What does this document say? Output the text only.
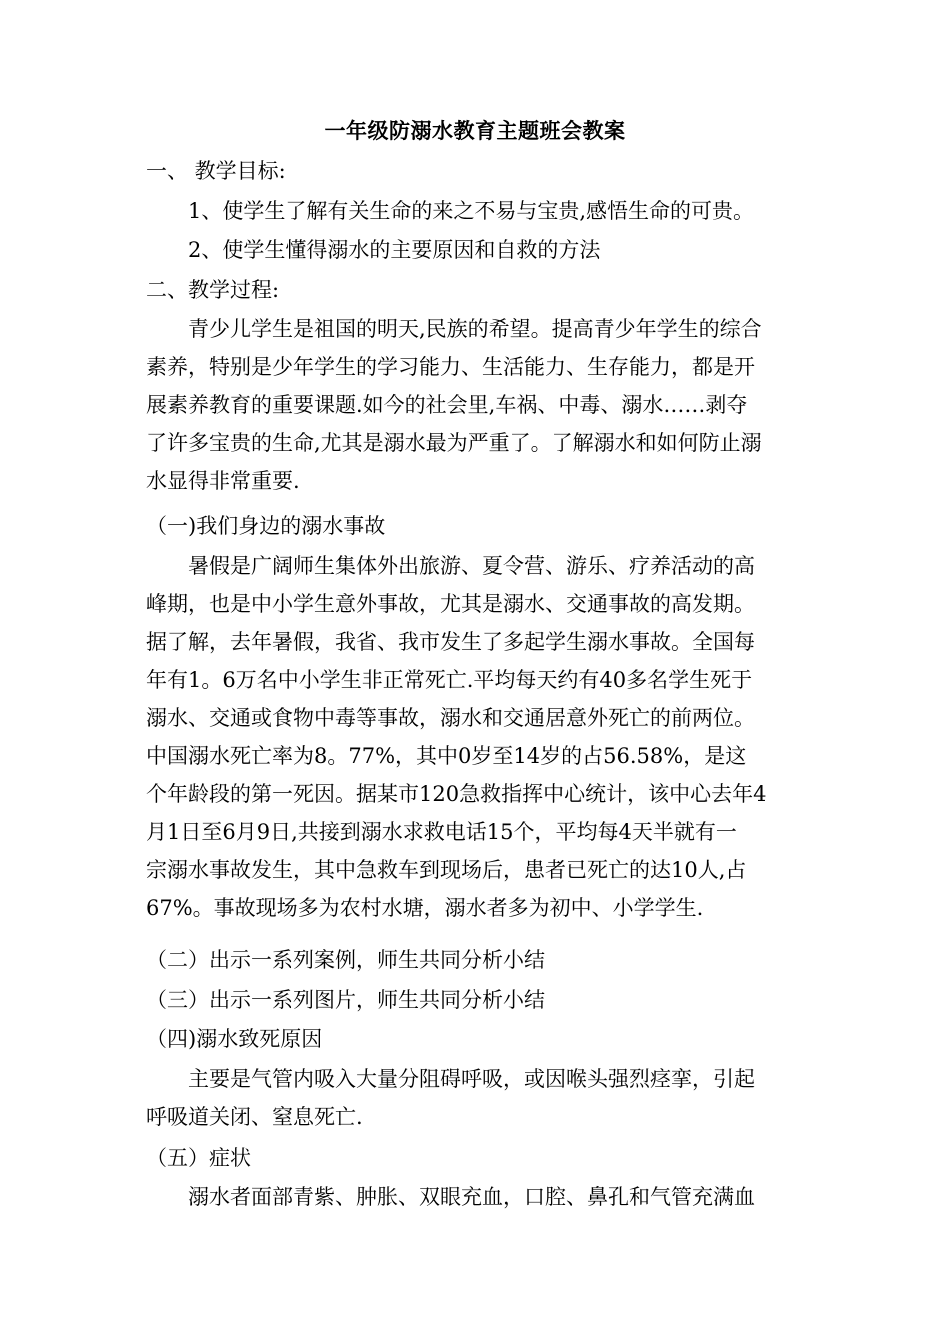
一年级防溺水教育主题班会教案
一、 教学目标:
1、使学生了解有关生命的来之不易与宝贵,感悟生命的可贵。
2、使学生懂得溺水的主要原因和自救的方法
二、教学过程:
青少儿学生是祖国的明天,民族的希望。提高青少年学生的综合
素养，特别是少年学生的学习能力、生活能力、生存能力，都是开
展素养教育的重要课题.如今的社会里,车祸、中毒、溺水……剥夺
了许多宝贵的生命,尤其是溺水最为严重了。了解溺水和如何防止溺
水显得非常重要.
（一)我们身边的溺水事故
暑假是广阔师生集体外出旅游、夏令营、游乐、疗养活动的高
峰期，也是中小学生意外事故，尤其是溺水、交通事故的高发期。
据了解，去年暑假，我省、我市发生了多起学生溺水事故。全国每
年有1。6万名中小学生非正常死亡.平均每天约有40多名学生死于
溺水、交通或食物中毒等事故，溺水和交通居意外死亡的前两位。
中国溺水死亡率为8。77%，其中0岁至14岁的占56.58%，是这
个年龄段的第一死因。据某市120急救指挥中心统计，该中心去年4
月1日至6月9日,共接到溺水求救电话15个，平均每4天半就有一
宗溺水事故发生，其中急救车到现场后，患者已死亡的达10人,占
67%。事故现场多为农村水塘，溺水者多为初中、小学学生.
（二）出示一系列案例，师生共同分析小结
（三）出示一系列图片，师生共同分析小结
（四)溺水致死原因
主要是气管内吸入大量分阻碍呼吸，或因喉头强烈痉挛，引起
呼吸道关闭、窒息死亡.
（五）症状
溺水者面部青紫、肿胀、双眼充血，口腔、鼻孔和气管充满血
